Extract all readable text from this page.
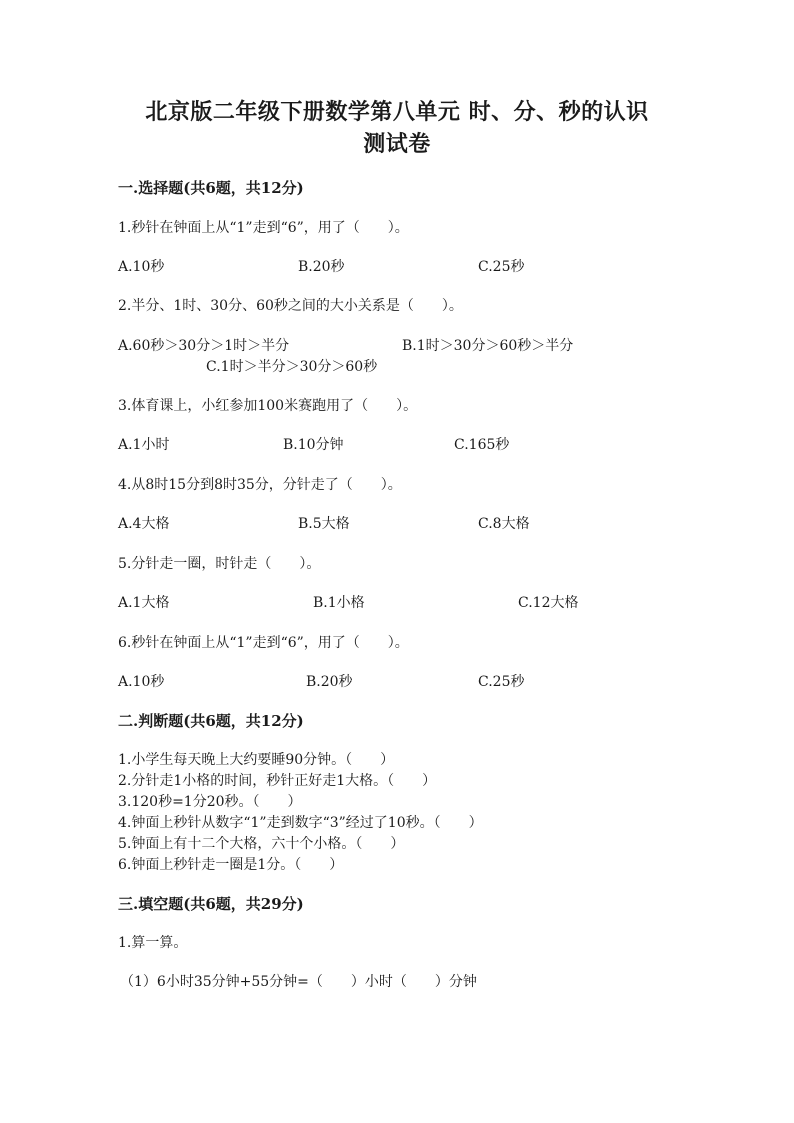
北京版二年级下册数学第八单元 时、分、秒的认识
测试卷
一.选择题(共6题，共12分)
1.秒针在钟面上从“1”走到“6”，用了（　　）。
A.10秒	B.20秒	C.25秒
2.半分、1时、30分、60秒之间的大小关系是（　　）。
A.60秒＞30分＞1时＞半分	B.1时＞30分＞60秒＞半分
C.1时＞半分＞30分＞60秒
3.体育课上，小红参加100米赛跑用了（　　）。
A.1小时	B.10分钟	C.165秒
4.从8时15分到8时35分，分针走了（　　）。
A.4大格	B.5大格	C.8大格
5.分针走一圈，时针走（　　）。
A.1大格	B.1小格	C.12大格
6.秒针在钟面上从“1”走到“6”，用了（　　）。
A.10秒	B.20秒	C.25秒
二.判断题(共6题，共12分)
1.小学生每天晚上大约要睡90分钟。（　　）
2.分针走1小格的时间，秒针正好走1大格。（　　）
3.120秒=1分20秒。（　　）
4.钟面上秒针从数字“1”走到数字“3”经过了10秒。（　　）
5.钟面上有十二个大格，六十个小格。（　　）
6.钟面上秒针走一圈是1分。（　　）
三.填空题(共6题，共29分)
1.算一算。
（1）6小时35分钟+55分钟=（　　）小时（　　）分钟
